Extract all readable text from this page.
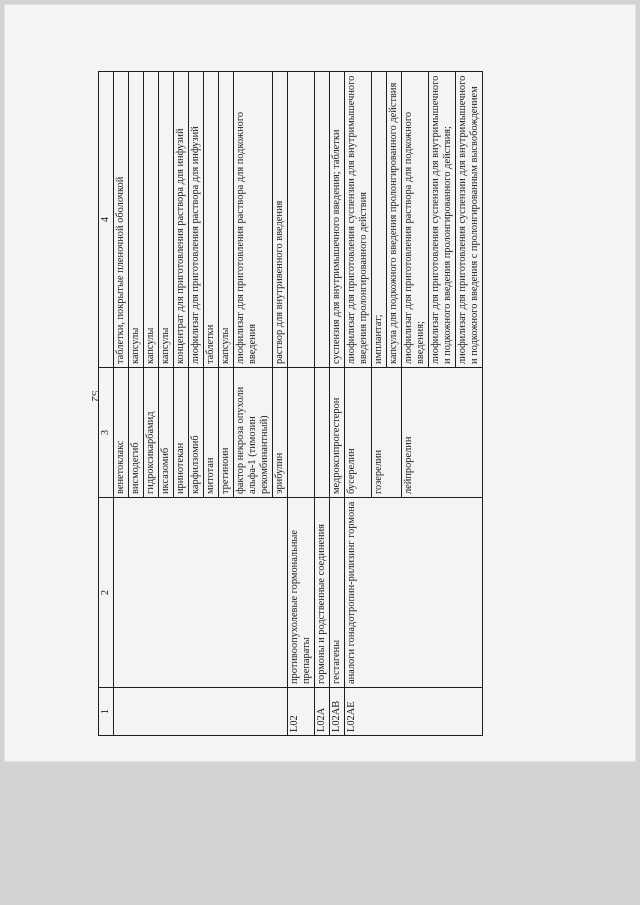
52
1	2	3	4
		венетоклакс	таблетки, покрытые пленочной оболочкой
		висмодегиб	капсулы
		гидроксикарбамид	капсулы
		иксазомиб	капсулы
		иринотекан	концентрат для приготовления раствора для инфузий
		карфилзомиб	лиофилизат для приготовления раствора для инфузий
		митотан	таблетки
		третиноин	капсулы
		фактор некроза опухоли альфа-1 (тимозин рекомбинантный)	лиофилизат для приготовления раствора для подкожного введения
		эрибулин	раствор для внутривенного введения
L02	противоопухолевые гормональные препараты		
L02A	гормоны и родственные соединения		
L02AB	гестагены	медроксипрогестерон	суспензия для внутримышечного введения; таблетки
L02AE	аналоги гонадотропин-рилизинг гормона	бусерелин	лиофилизат для приготовления суспензии для внутримышечного введения пролонгированного действия
		гозерелин	имплантат;
			капсула для подкожного введения пролонгированного действия
		лейпрорелин	лиофилизат для приготовления раствора для подкожного введения;
			лиофилизат для приготовления суспензии для внутримышечного и подкожного введения пролонгированного действия;
			лиофилизат для приготовления суспензии для внутримышечного и подкожного введения с пролонгированным высвобождением
